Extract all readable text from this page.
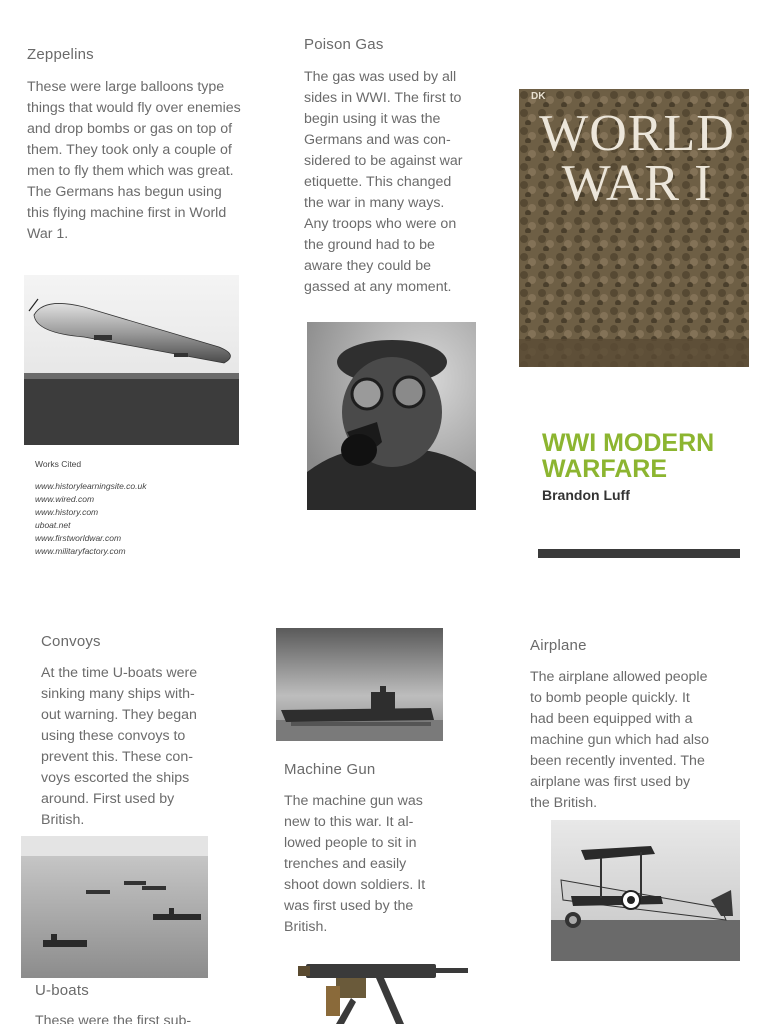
Zeppelins
These were large balloons type
things that would fly over enemies
and drop bombs or gas on top of
them. They took only a couple of
men to fly them which was great.
The Germans has begun using
this flying machine first in World
War 1.
Works Cited
www.historylearningsite.co.uk
www.wired.com
www.history.com
uboat.net
www.firstworldwar.com
www.militaryfactory.com
Poison Gas
The gas was used by all
sides in WWI. The first to
begin using it was the
Germans and was con-
sidered to be against war
etiquette. This changed
the war in many ways.
Any troops who were on
the ground had to be
aware they could be
gassed at any moment.
DK
WORLD
WAR I
WWI MODERN
WARFARE
Brandon Luff
Convoys
At the time U-boats were
sinking many ships with-
out warning. They began
using these convoys to
prevent this. These con-
voys escorted the ships
around. First used by
British.
U-boats
These were the first sub-
Machine Gun
The machine gun was
new to this war. It al-
lowed people to sit in
trenches and easily
shoot down soldiers. It
was first used by the
British.
Airplane
The airplane allowed people
to bomb people quickly. It
had been equipped with a
machine gun which had also
been recently invented. The
airplane was first used by
the British.
